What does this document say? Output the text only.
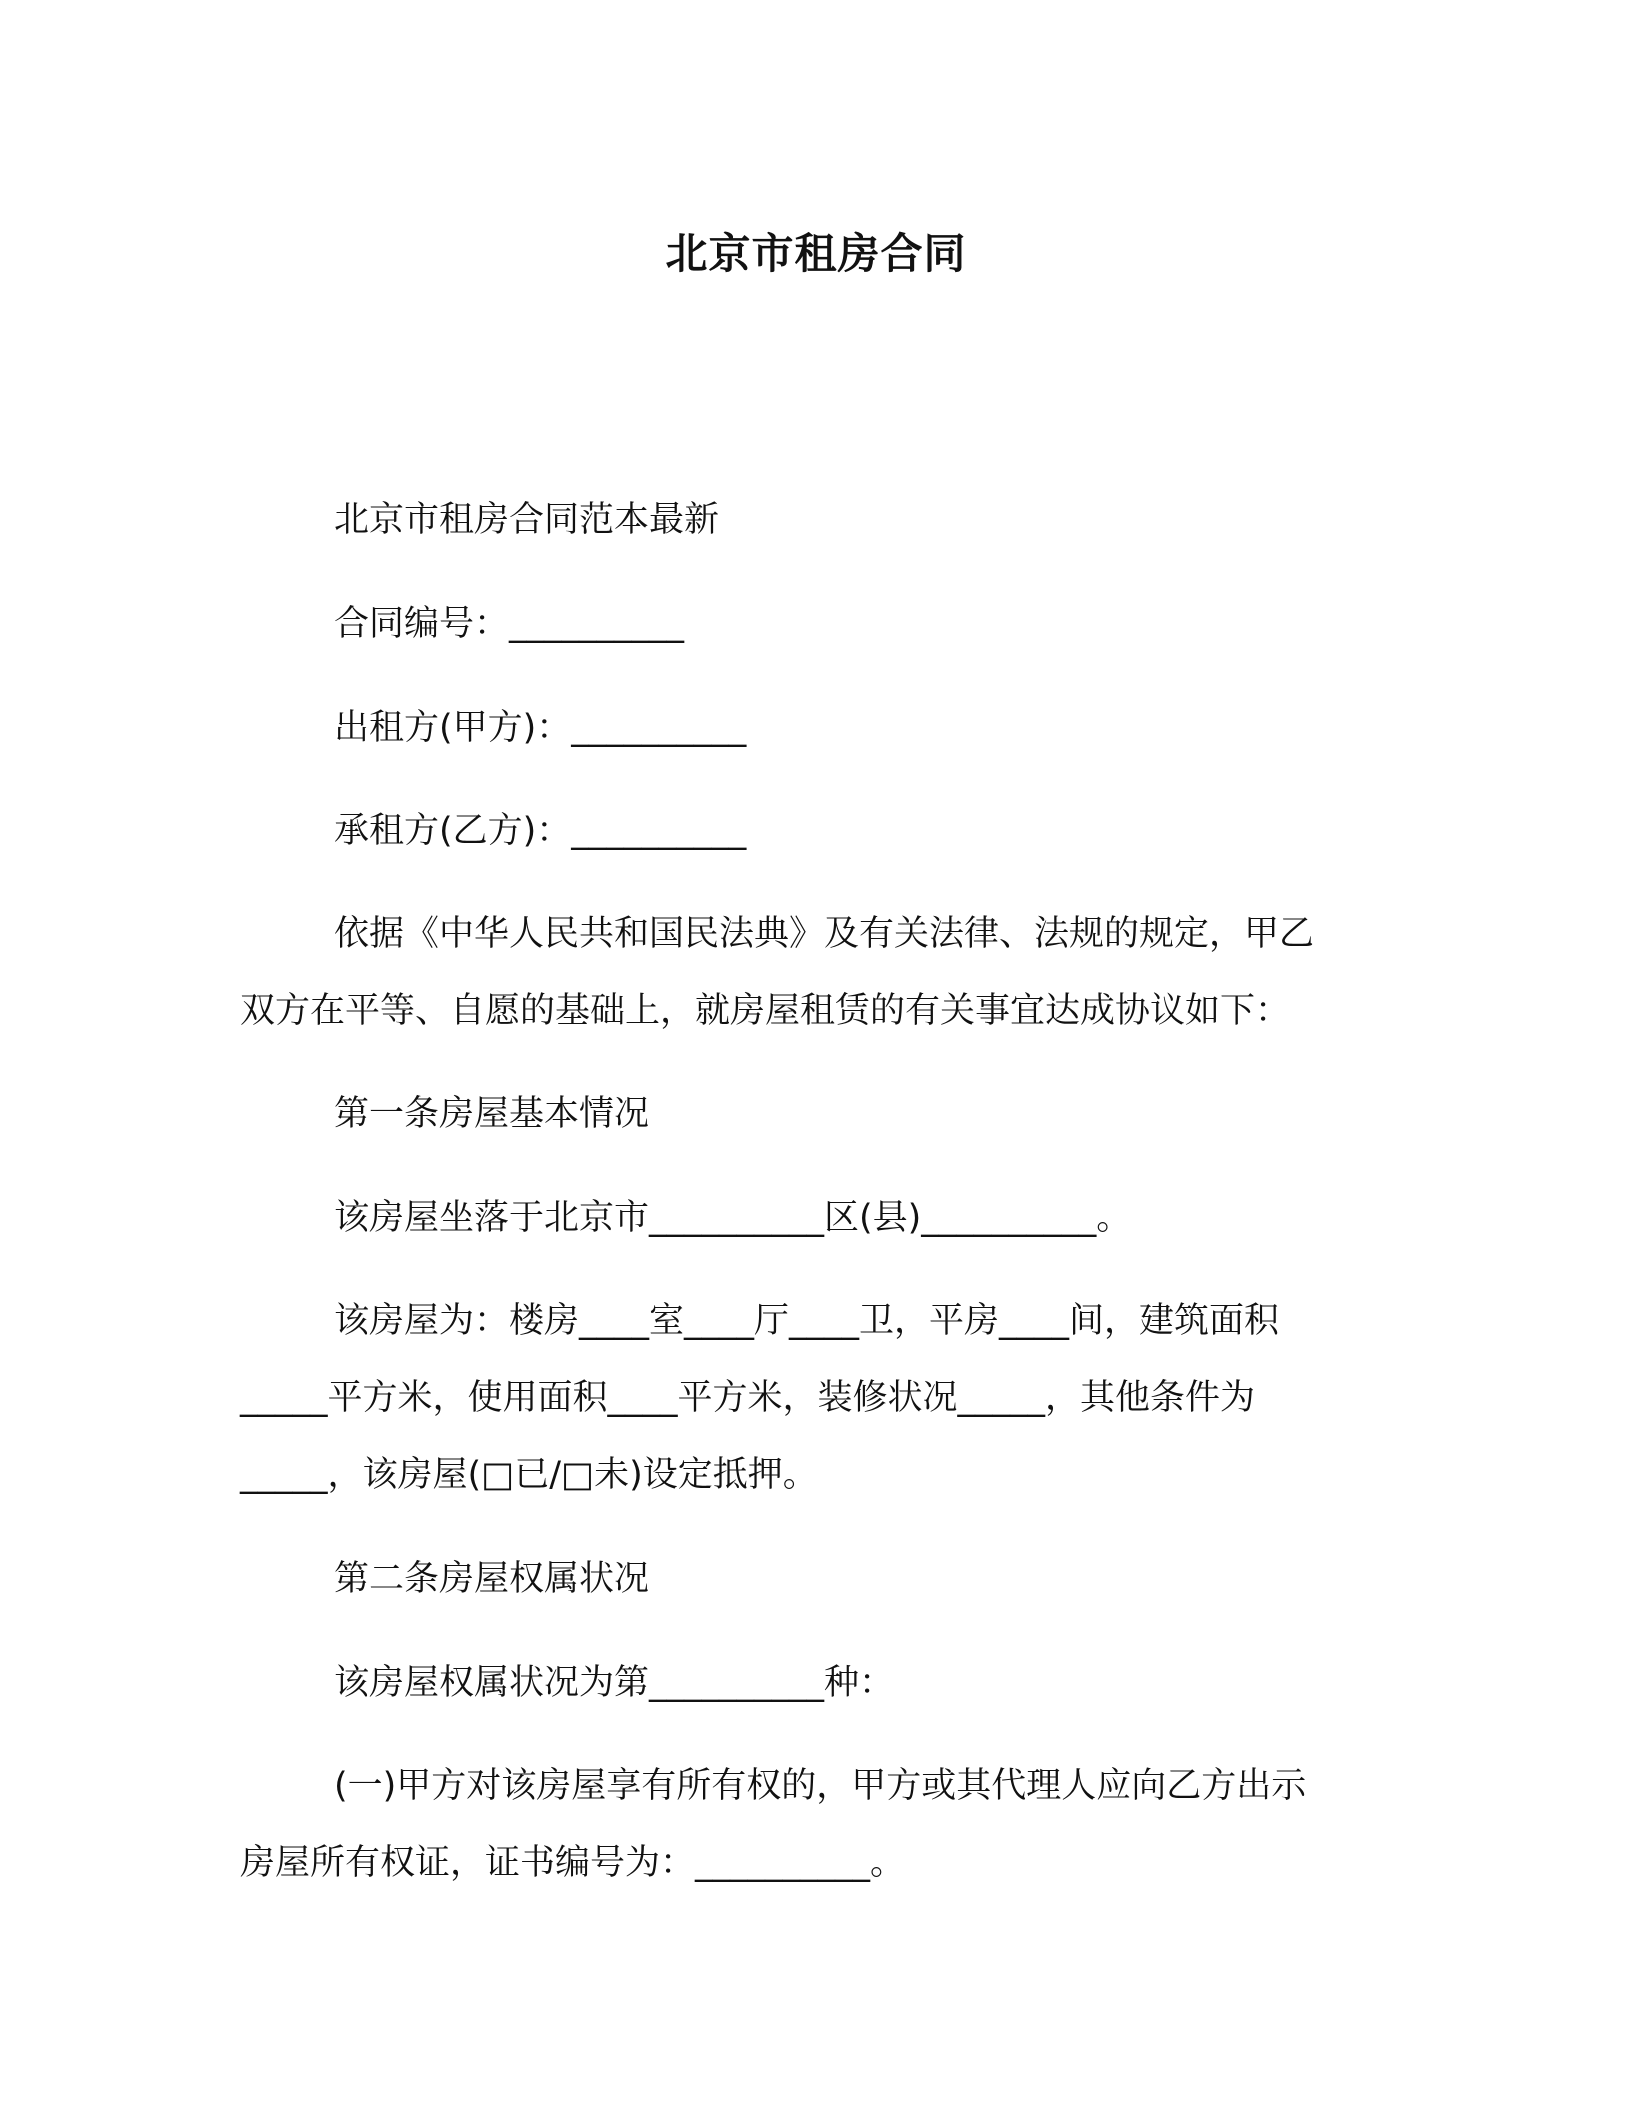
北京市租房合同
北京市租房合同范本最新
合同编号：__________
出租方(甲方)：__________
承租方(乙方)：__________
依据《中华人民共和国民法典》及有关法律、法规的规定，甲乙
双方在平等、自愿的基础上，就房屋租赁的有关事宜达成协议如下：
第一条房屋基本情况
该房屋坐落于北京市__________区(县)__________。
该房屋为：楼房____室____厅____卫，平房____间，建筑面积
_____平方米，使用面积____平方米，装修状况_____，其他条件为
_____，该房屋(□已/□未)设定抵押。
第二条房屋权属状况
该房屋权属状况为第__________种：
(一)甲方对该房屋享有所有权的，甲方或其代理人应向乙方出示
房屋所有权证，证书编号为：__________。
